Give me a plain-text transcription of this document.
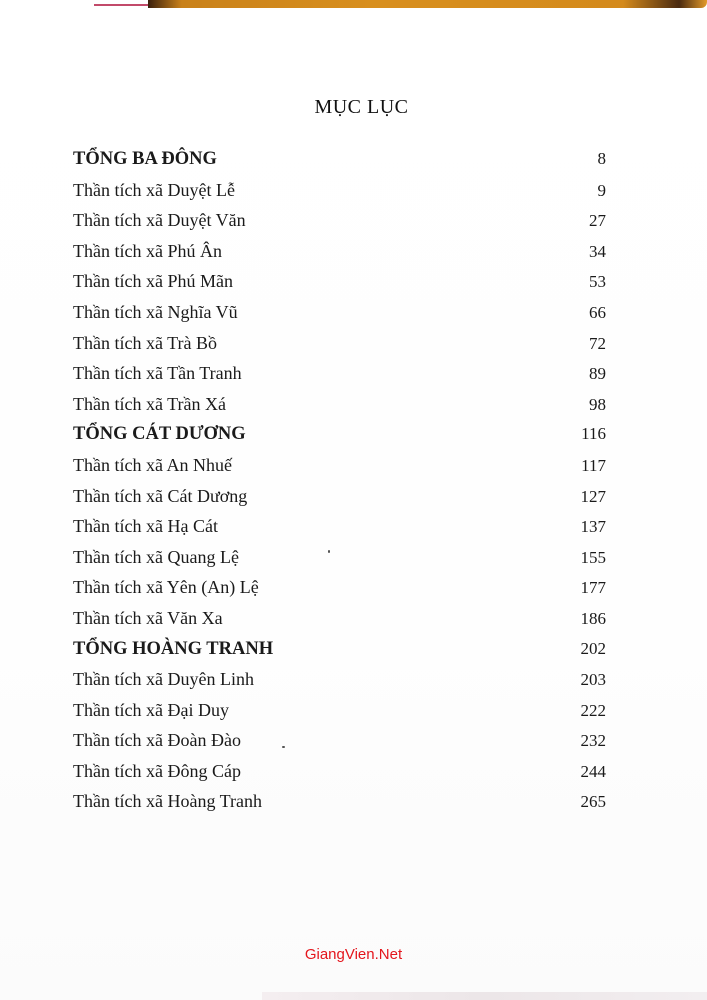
MỤC LỤC
TỔNG BA ĐÔNG	8
Thần tích xã Duyệt Lễ	9
Thần tích xã Duyệt Văn	27
Thần tích xã Phú Ân	34
Thần tích xã Phú Mãn	53
Thần tích xã Nghĩa Vũ	66
Thần tích xã Trà Bồ	72
Thần tích xã Tần Tranh	89
Thần tích xã Trần Xá	98
TỔNG CÁT DƯƠNG	116
Thần tích xã An Nhuế	117
Thần tích xã Cát Dương	127
Thần tích xã Hạ Cát	137
Thần tích xã Quang Lệ	155
Thần tích xã Yên (An) Lệ	177
Thần tích xã Văn Xa	186
TỔNG HOÀNG TRANH	202
Thần tích xã Duyên Linh	203
Thần tích xã Đại Duy	222
Thần tích xã Đoàn Đào	232
Thần tích xã Đông Cáp	244
Thần tích xã Hoàng Tranh	265
GiangVien.Net
